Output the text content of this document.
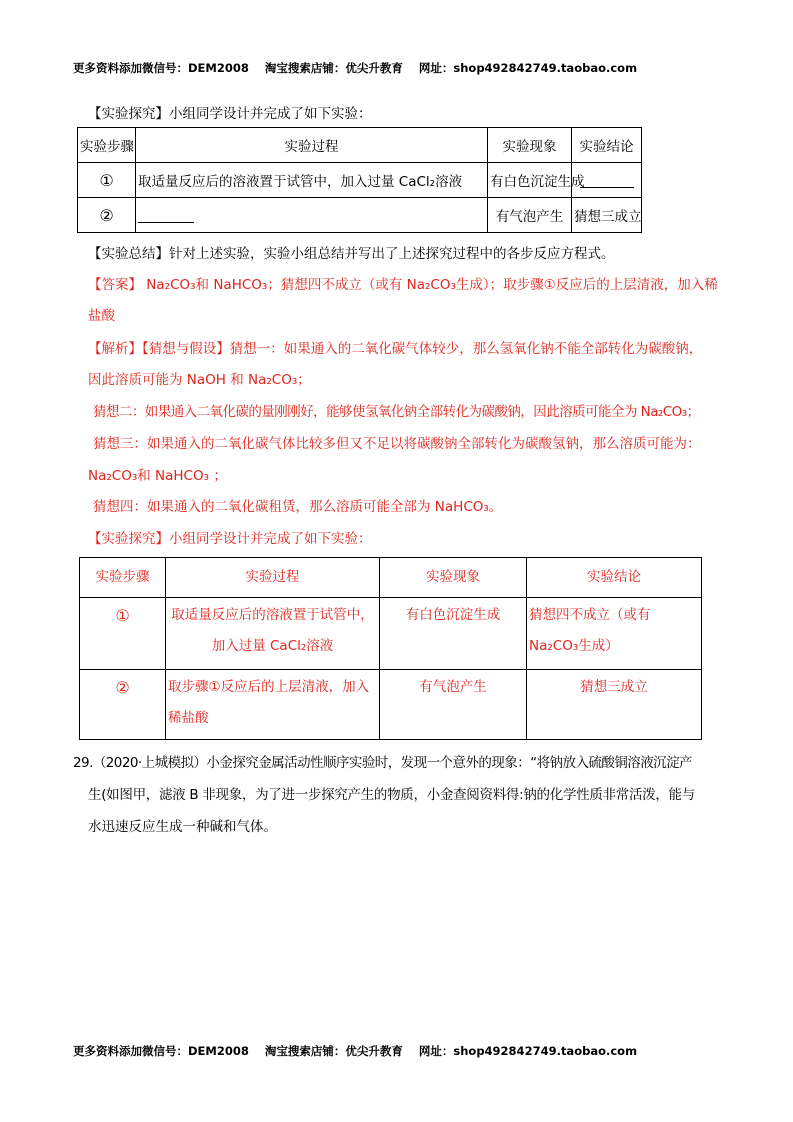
更多资料添加微信号：DEM2008 淘宝搜索店铺：优尖升教育 网址：shop492842749.taobao.com
【实验探究】小组同学设计并完成了如下实验：
实验步骤	实验过程	实验现象	实验结论
①	取适量反应后的溶液置于试管中，加入过量 CaCl₂溶液	有白色沉淀生成	
②		有气泡产生	猜想三成立
【实验总结】针对上述实验，实验小组总结并写出了上述探究过程中的各步反应方程式。
【答案】 Na₂CO₃和 NaHCO₃；猜想四不成立（或有 Na₂CO₃生成）；取步骤①反应后的上层清液，加入稀
盐酸
【解析】【猜想与假设】猜想一：如果通入的二氧化碳气体较少，那么氢氧化钠不能全部转化为碳酸钠，
因此溶质可能为 NaOH 和 Na₂CO₃；
猜想二：如果通入二氧化碳的量刚刚好，能够使氢氧化钠全部转化为碳酸钠，因此溶质可能全为 Na₂CO₃；
猜想三：如果通入的二氧化碳气体比较多但又不足以将碳酸钠全部转化为碳酸氢钠，那么溶质可能为：
Na₂CO₃和 NaHCO₃ ；
猜想四：如果通入的二氧化碳租赁，那么溶质可能全部为 NaHCO₃。
【实验探究】小组同学设计并完成了如下实验：
实验步骤	实验过程	实验现象	实验结论
①	取适量反应后的溶液置于试管中，加入过量 CaCl₂溶液	有白色沉淀生成	猜想四不成立（或有 Na₂CO₃生成）
②	取步骤①反应后的上层清液，加入稀盐酸	有气泡产生	猜想三成立
29.（2020·上城模拟）小金探究金属活动性顺序实验时，发现一个意外的现象：“将钠放入硫酸铜溶液沉淀产
生(如图甲，滤液 B 非现象，为了进一步探究产生的物质，小金查阅资料得:钠的化学性质非常活泼，能与
水迅速反应生成一种碱和气体。
更多资料添加微信号：DEM2008 淘宝搜索店铺：优尖升教育 网址：shop492842749.taobao.com
